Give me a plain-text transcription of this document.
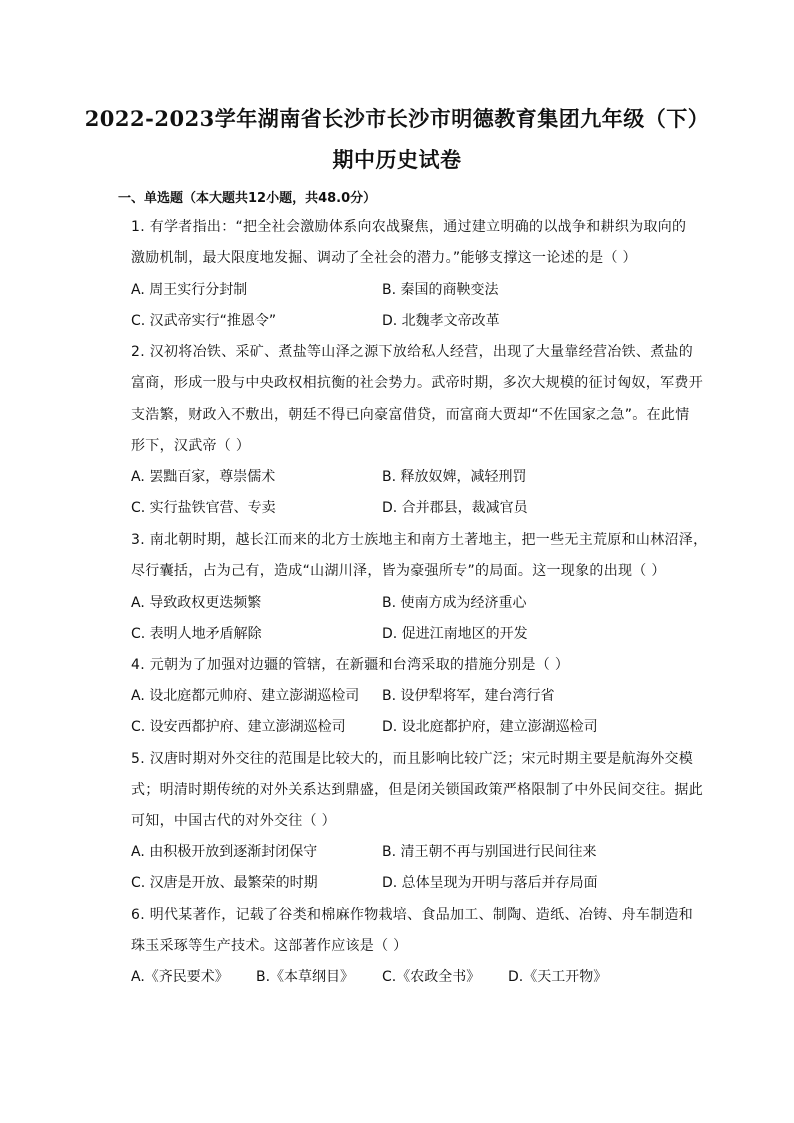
2022-2023学年湖南省长沙市长沙市明德教育集团九年级（下）
期中历史试卷
一、单选题（本大题共12小题，共48.0分）
1. 有学者指出：“把全社会激励体系向农战聚焦，通过建立明确的以战争和耕织为取向的
激励机制，最大限度地发掘、调动了全社会的潜力。”能够支撑这一论述的是（ ）
A. 周王实行分封制	B. 秦国的商鞅变法
C. 汉武帝实行“推恩令”	D. 北魏孝文帝改革
2. 汉初将冶铁、采矿、煮盐等山泽之源下放给私人经营，出现了大量靠经营冶铁、煮盐的
富商，形成一股与中央政权相抗衡的社会势力。武帝时期，多次大规模的征讨匈奴，军费开
支浩繁，财政入不敷出，朝廷不得已向豪富借贷，而富商大贾却“不佐国家之急”。在此情
形下，汉武帝（ ）
A. 罢黜百家，尊崇儒术	B. 释放奴婢，减轻刑罚
C. 实行盐铁官营、专卖	D. 合并郡县，裁减官员
3. 南北朝时期，越长江而来的北方士族地主和南方土著地主，把一些无主荒原和山林沼泽，
尽行囊括，占为己有，造成“山湖川泽，皆为豪强所专”的局面。这一现象的出现（ ）
A. 导致政权更迭频繁	B. 使南方成为经济重心
C. 表明人地矛盾解除	D. 促进江南地区的开发
4. 元朝为了加强对边疆的管辖，在新疆和台湾采取的措施分别是（ ）
A. 设北庭都元帅府、建立澎湖巡检司 B. 设伊犁将军，建台湾行省
C. 设安西都护府、建立澎湖巡检司	D. 设北庭都护府，建立澎湖巡检司
5. 汉唐时期对外交往的范围是比较大的，而且影响比较广泛；宋元时期主要是航海外交模
式；明清时期传统的对外关系达到鼎盛，但是闭关锁国政策严格限制了中外民间交往。据此
可知，中国古代的对外交往（ ）
A. 由积极开放到逐渐封闭保守	B. 清王朝不再与别国进行民间往来
C. 汉唐是开放、最繁荣的时期	D. 总体呈现为开明与落后并存局面
6. 明代某著作，记载了谷类和棉麻作物栽培、食品加工、制陶、造纸、冶铸、舟车制造和
珠玉采琢等生产技术。这部著作应该是（ ）
A.《齐民要术》 B.《本草纲目》 C.《农政全书》 D.《天工开物》
